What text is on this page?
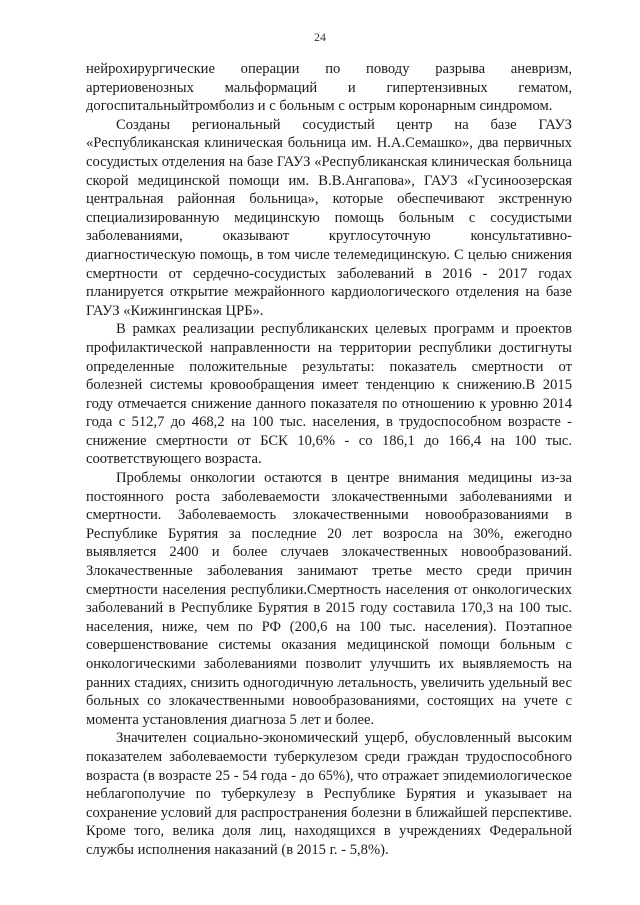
24

нейрохирургические операции по поводу разрыва аневризм, артериовенозных мальформаций и гипертензивных гематом, догоспитальныйтромболиз и с больным с острым коронарным синдромом.

Созданы региональный сосудистый центр на базе ГАУЗ «Республиканская клиническая больница им. Н.А.Семашко», два первичных сосудистых отделения на базе ГАУЗ «Республиканская клиническая больница скорой медицинской помощи им. В.В.Ангапова», ГАУЗ «Гусиноозерская центральная районная больница», которые обеспечивают экстренную специализированную медицинскую помощь больным с сосудистыми заболеваниями, оказывают круглосуточную консультативно-диагностическую помощь, в том числе телемедицинскую. С целью снижения смертности от сердечно-сосудистых заболеваний в 2016 - 2017 годах планируется открытие межрайонного кардиологического отделения на базе ГАУЗ «Кижингинская ЦРБ».

В рамках реализации республиканских целевых программ и проектов профилактической направленности на территории республики достигнуты определенные положительные результаты: показатель смертности от болезней системы кровообращения имеет тенденцию к снижению.В 2015 году отмечается снижение данного показателя по отношению к уровню 2014 года с 512,7 до 468,2 на 100 тыс. населения, в трудоспособном возрасте - снижение смертности от БСК 10,6% - со 186,1 до 166,4 на 100 тыс. соответствующего возраста.

Проблемы онкологии остаются в центре внимания медицины из-за постоянного роста заболеваемости злокачественными заболеваниями и смертности. Заболеваемость злокачественными новообразованиями в Республике Бурятия за последние 20 лет возросла на 30%, ежегодно выявляется 2400 и более случаев злокачественных новообразований. Злокачественные заболевания занимают третье место среди причин смертности населения республики.Смертность населения от онкологических заболеваний в Республике Бурятия в 2015 году составила 170,3 на 100 тыс. населения, ниже, чем по РФ (200,6 на 100 тыс. населения). Поэтапное совершенствование системы оказания медицинской помощи больным с онкологическими заболеваниями позволит улучшить их выявляемость на ранних стадиях, снизить одногодичную летальность, увеличить удельный вес больных со злокачественными новообразованиями, состоящих на учете с момента установления диагноза 5 лет и более.

Значителен социально-экономический ущерб, обусловленный высоким показателем заболеваемости туберкулезом среди граждан трудоспособного возраста (в возрасте 25 - 54 года - до 65%), что отражает эпидемиологическое неблагополучие по туберкулезу в Республике Бурятия и указывает на сохранение условий для распространения болезни в ближайшей перспективе. Кроме того, велика доля лиц, находящихся в учреждениях Федеральной службы исполнения наказаний (в 2015 г. - 5,8%).
